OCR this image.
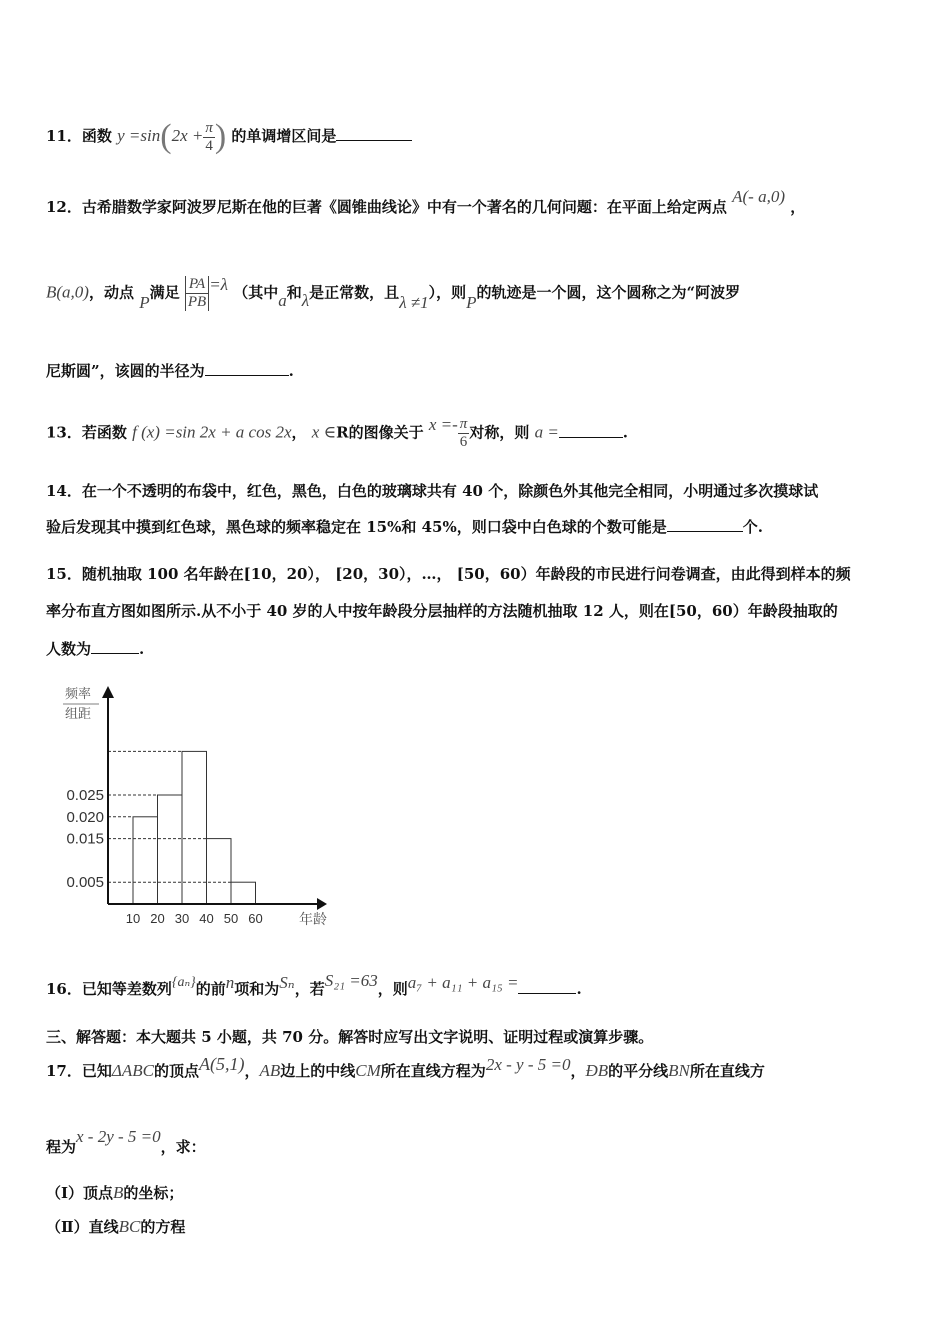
11．函数 $y =\sin(2x + \frac{\pi}{4}$ ) 的单调增区间是
12．古希腊数学家阿波罗尼斯在他的巨著《圆锥曲线论》中有一个著名的几何问题：在平面上给定两点 A(- a,0) ，
B(a,0)，动点 P满足 $\frac{PA}{PB} =\lambda$ （其中a和λ是正常数，且λ ≠1），则P的轨迹是一个圆，这个圆称之为“阿波罗
尼斯圆”，该圆的半径为	.
13．若函数 f (x) =sin 2x + a cos 2x， x ∈R的图像关于 $x =- \frac{\pi}{6}$ 对称，则 a =	.
14．在一个不透明的布袋中，红色，黑色，白色的玻璃球共有 40 个，除颜色外其他完全相同，小明通过多次摸球试
验后发现其中摸到红色球，黑色球的频率稳定在 15%和 45%，则口袋中白色球的个数可能是	个.
15．随机抽取 100 名年龄在[10，20）， [20，30），…， [50，60）年龄段的市民进行问卷调查，由此得到样本的频
率分布直方图如图所示.从不小于 40 岁的人中按年龄段分层抽样的方法随机抽取 12 人，则在[50，60）年龄段抽取的
人数为	.
频率
组距
0.025
0.020
0.015
0.005
10 20 30 40 50 60	年龄
16．已知等差数列{aₙ}的前n项和为Sₙ，若S₂₁ =63，则a₇ + a₁₁ + a₁₅ =	.
三、解答题：本大题共 5 小题，共 70 分。解答时应写出文字说明、证明过程或演算步骤。
17．已知ΔABC的顶点A(5,1)，AB边上的中线CM所在直线方程为2x - y - 5 =0，ÐB的平分线BN所在直线方
程为x - 2y - 5 =0，求：
（Ⅰ）顶点B的坐标；
（Ⅱ）直线BC的方程
